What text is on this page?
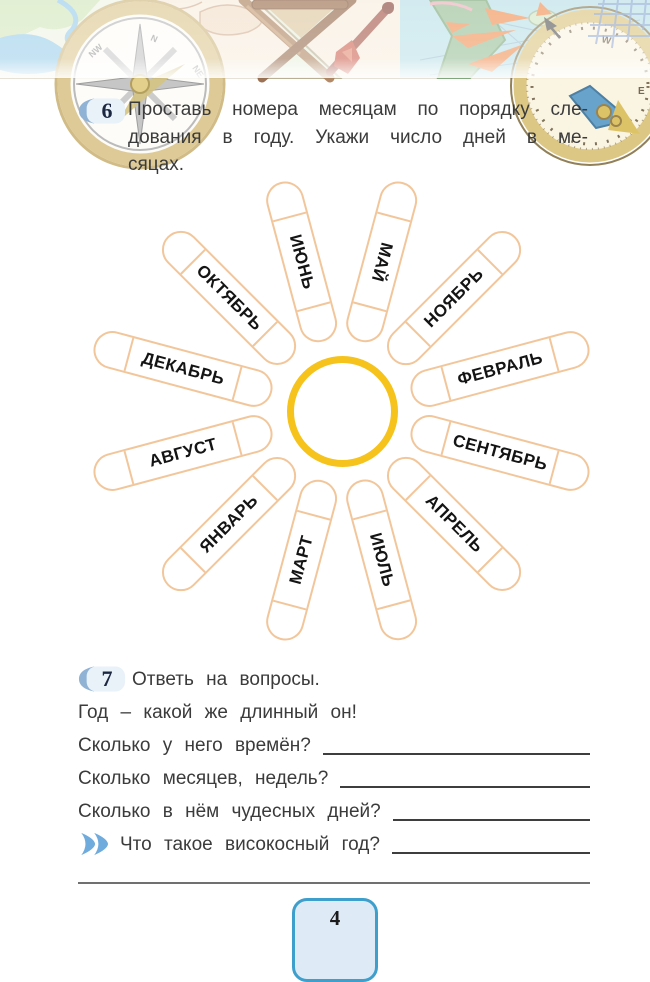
E
6 Проставь номера месяцам по порядку сле-
дования в году. Укажи число дней в ме-
сяцах.
ИЮНЬ	МАЙ
НОЯБРЬ
ФЕВРАЛЬ
СЕНТЯБРЬ
АПРЕЛЬ
ИЮЛЬ
МАРТ
ЯНВАРЬ
АВГУСТ
ДЕКАБРЬ
ОКТЯБРЬ
7	Ответь на вопросы.
Год – какой же длинный он!
Сколько у него времён?
Сколько месяцев, недель?
Сколько в нём чудесных дней?
Что такое високосный год?
4
